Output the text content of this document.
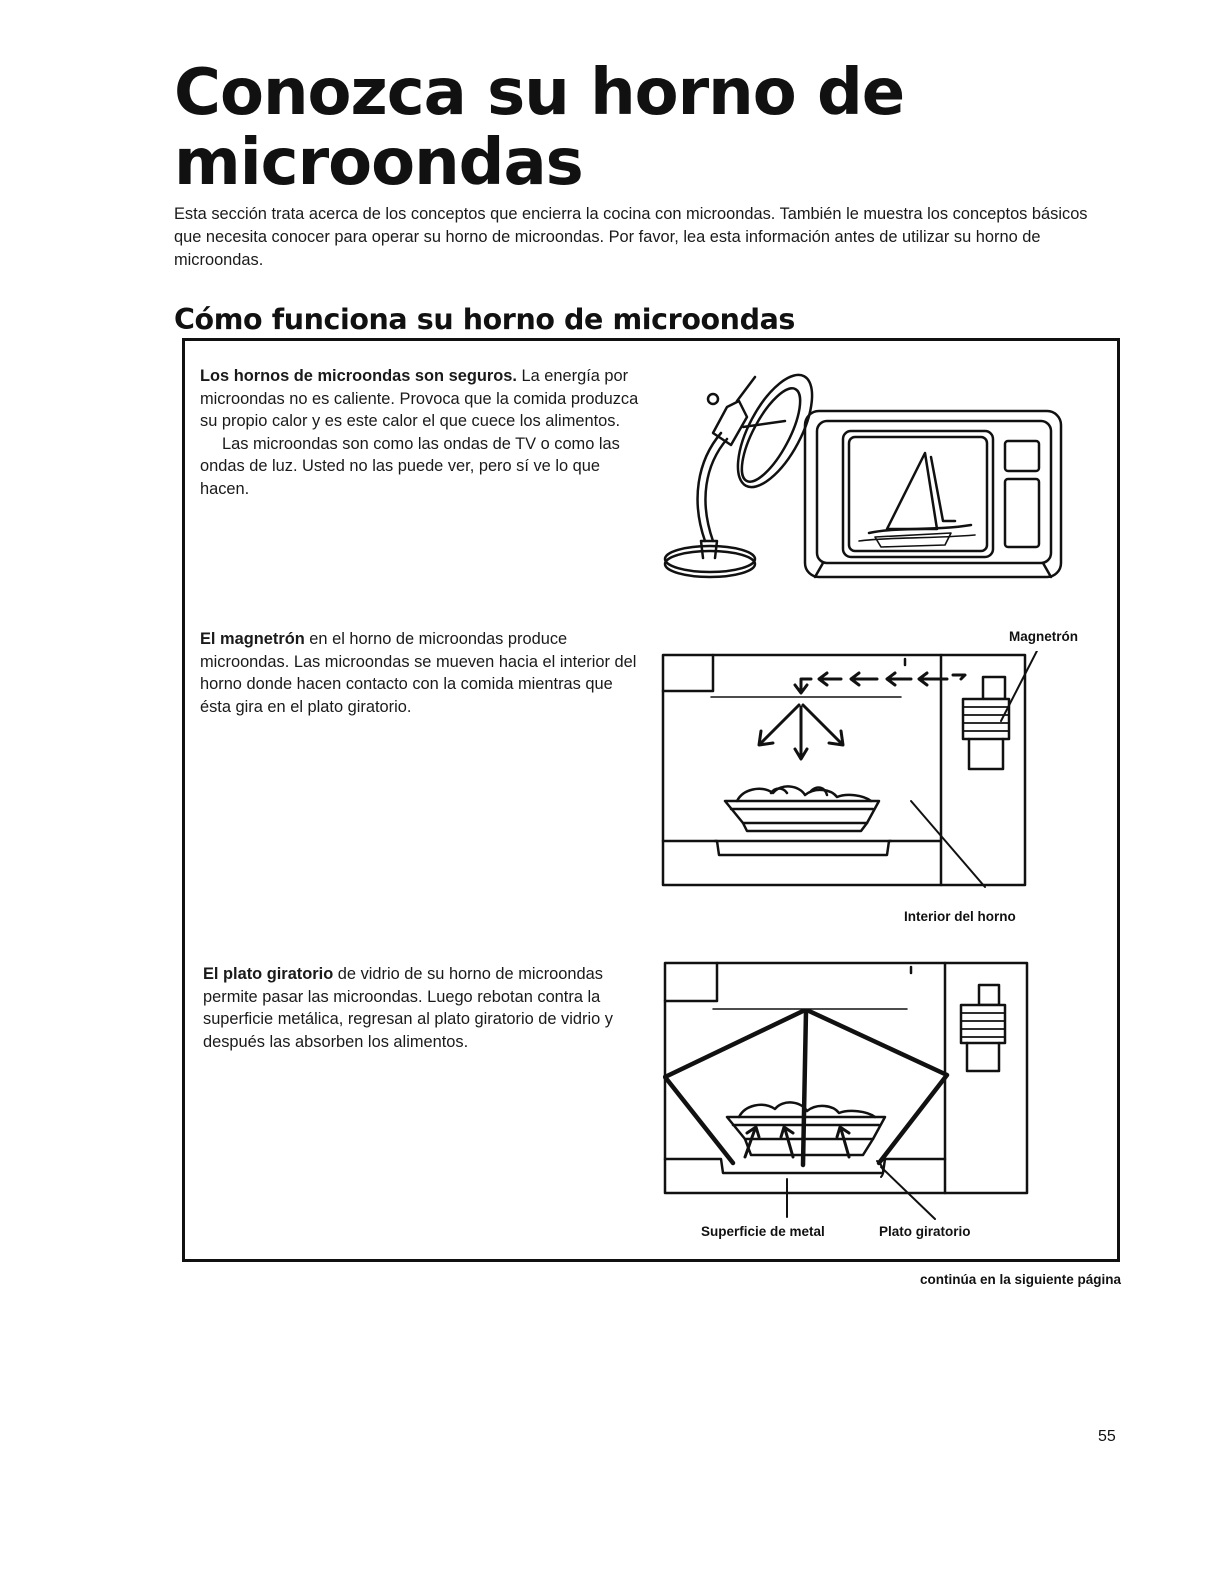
Conozca su horno de microondas

Esta sección trata acerca de los conceptos que encierra la cocina con microondas. También le muestra los conceptos básicos que necesita conocer para operar su horno de microondas. Por favor, lea esta información antes de utilizar su horno de microondas.

Cómo funciona su horno de microondas

Los hornos de microondas son seguros. La energía por microondas no es caliente. Provoca que la comida produzca su propio calor y es este calor el que cuece los alimentos.
Las microondas son como las ondas de TV o como las ondas de luz. Usted no las puede ver, pero sí ve lo que hacen.

El magnetrón en el horno de microondas produce microondas. Las microondas se mueven hacia el interior del horno donde hacen contacto con la comida mientras que ésta gira en el plato giratorio.

Magnetrón
Interior del horno

El plato giratorio de vidrio de su horno de microondas permite pasar las microondas. Luego rebotan contra la superficie metálica, regresan al plato giratorio de vidrio y después las absorben los alimentos.

Superficie de metal	Plato giratorio
continúa en la siguiente página
55
